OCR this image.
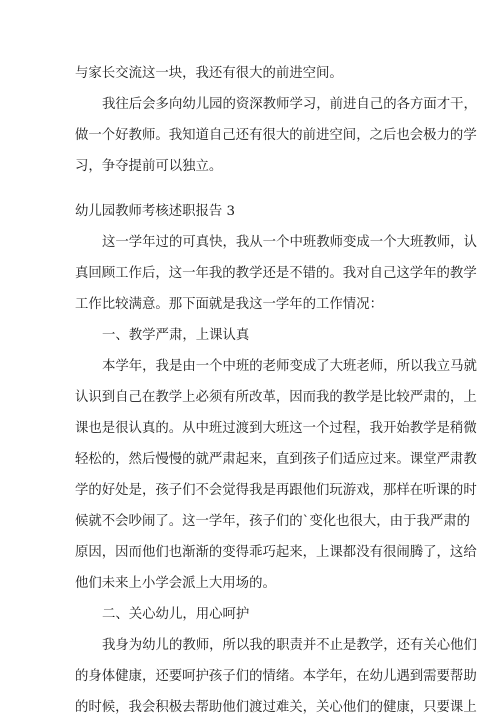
与家长交流这一块，我还有很大的前进空间。
我往后会多向幼儿园的资深教师学习，前进自己的各方面才干，
做一个好教师。我知道自己还有很大的前进空间，之后也会极力的学
习，争夺提前可以独立。
幼儿园教师考核述职报告 3
这一学年过的可真快，我从一个中班教师变成一个大班教师，认
真回顾工作后，这一年我的教学还是不错的。我对自己这学年的教学
工作比较满意。那下面就是我这一学年的工作情况：
一、教学严肃，上课认真
本学年，我是由一个中班的老师变成了大班老师，所以我立马就
认识到自己在教学上必须有所改革，因而我的教学是比较严肃的，上
课也是很认真的。从中班过渡到大班这一个过程，我开始教学是稍微
轻松的，然后慢慢的就严肃起来，直到孩子们适应过来。课堂严肃教
学的好处是，孩子们不会觉得我是再跟他们玩游戏，那样在听课的时
候就不会吵闹了。这一学年，孩子们的`变化也很大，由于我严肃的
原因，因而他们也渐渐的变得乖巧起来，上课都没有很闹腾了，这给
他们未来上小学会派上大用场的。
二、关心幼儿，用心呵护
我身为幼儿的教师，所以我的职责并不止是教学，还有关心他们
的身体健康，还要呵护孩子们的情绪。本学年，在幼儿遇到需要帮助
的时候，我会积极去帮助他们渡过难关，关心他们的健康，只要课上
